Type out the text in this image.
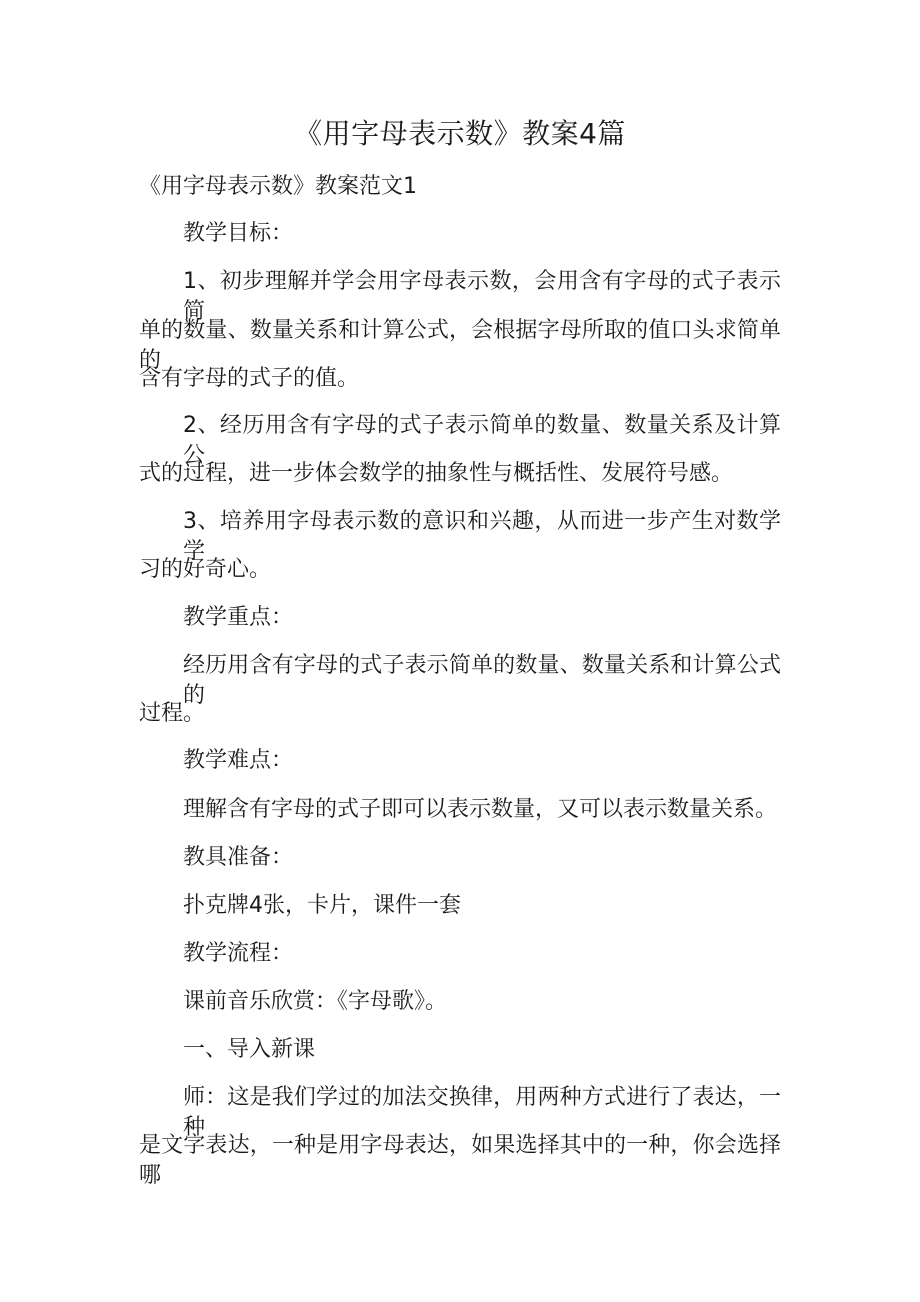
《用字母表示数》教案4篇
《用字母表示数》教案范文1
教学目标：
1、初步理解并学会用字母表示数，会用含有字母的式子表示简
单的数量、数量关系和计算公式，会根据字母所取的值口头求简单的
含有字母的式子的值。
2、经历用含有字母的式子表示简单的数量、数量关系及计算公
式的过程，进一步体会数学的抽象性与概括性、发展符号感。
3、培养用字母表示数的意识和兴趣，从而进一步产生对数学学
习的好奇心。
教学重点：
经历用含有字母的式子表示简单的数量、数量关系和计算公式的
过程。
教学难点：
理解含有字母的式子即可以表示数量，又可以表示数量关系。
教具准备：
扑克牌4张，卡片，课件一套
教学流程：
课前音乐欣赏：《字母歌》。
一、导入新课
师：这是我们学过的加法交换律，用两种方式进行了表达，一种
是文字表达，一种是用字母表达，如果选择其中的一种，你会选择哪
